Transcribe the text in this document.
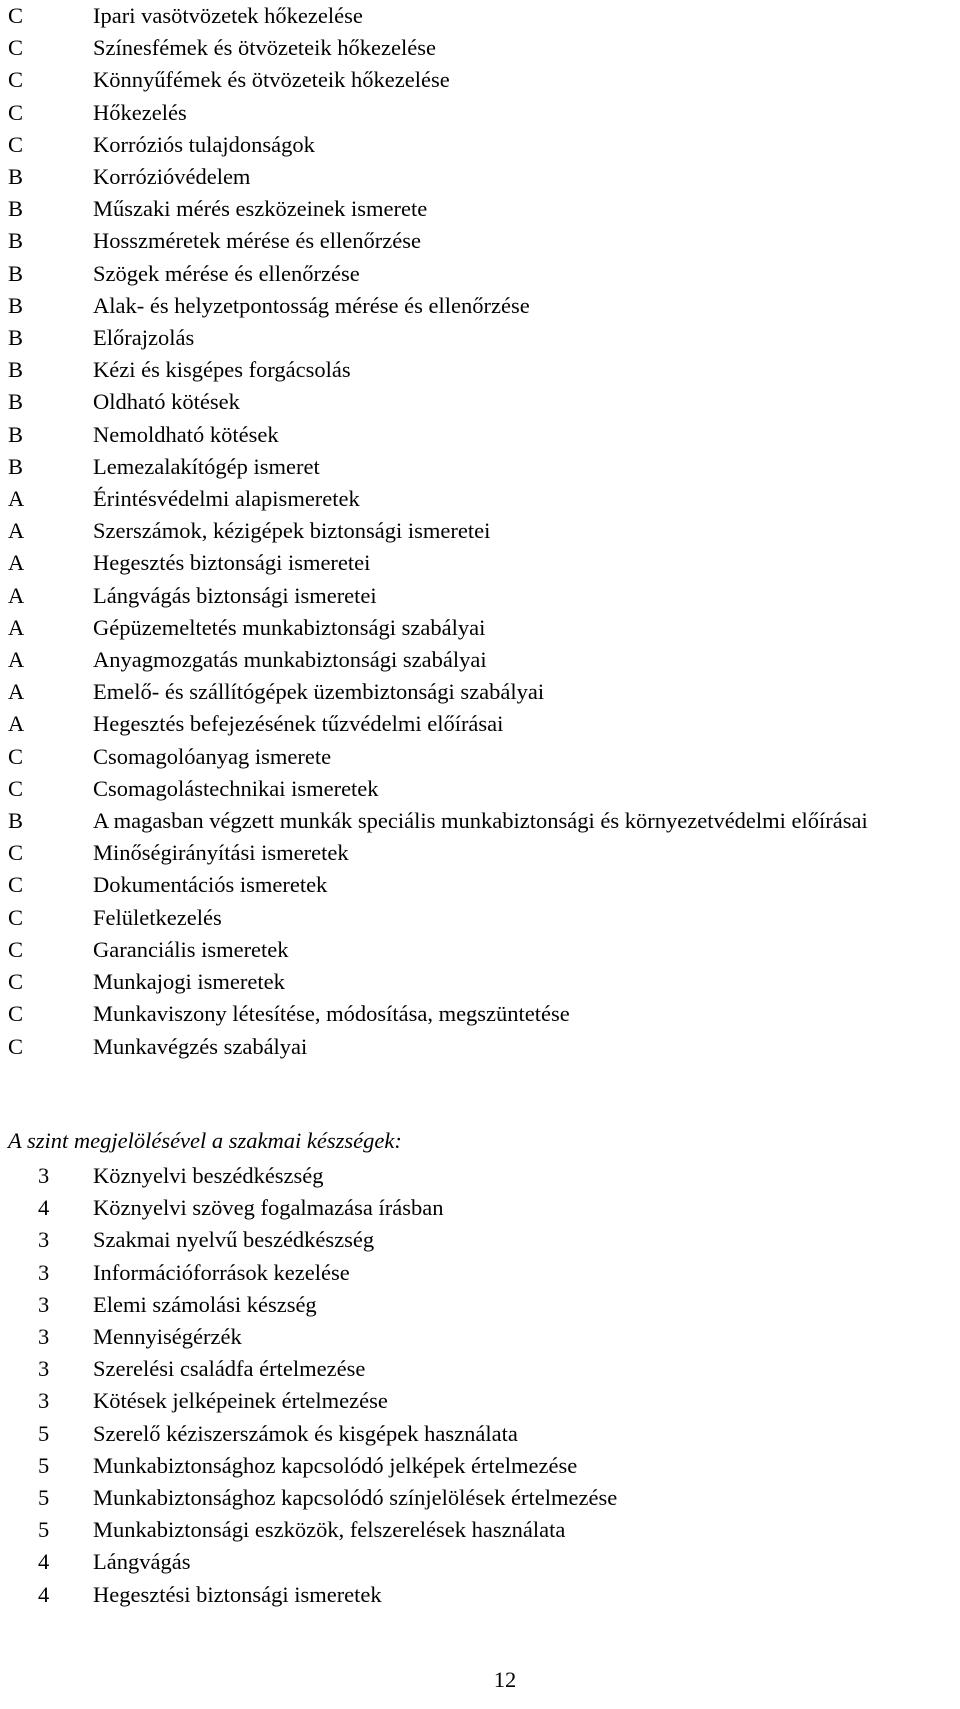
C	Ipari vasötvözetek hőkezelése
C	Színesfémek és ötvözeteik hőkezelése
C	Könnyűfémek és ötvözeteik hőkezelése
C	Hőkezelés
C	Korróziós tulajdonságok
B	Korrózióvédelem
B	Műszaki mérés eszközeinek ismerete
B	Hosszméretek mérése és ellenőrzése
B	Szögek mérése és ellenőrzése
B	Alak- és helyzetpontosság mérése és ellenőrzése
B	Előrajzolás
B	Kézi és kisgépes forgácsolás
B	Oldható kötések
B	Nemoldható kötések
B	Lemezalakítógép ismeret
A	Érintésvédelmi alapismeretek
A	Szerszámok, kézigépek biztonsági ismeretei
A	Hegesztés biztonsági ismeretei
A	Lángvágás biztonsági ismeretei
A	Gépüzemeltetés munkabiztonsági szabályai
A	Anyagmozgatás munkabiztonsági szabályai
A	Emelő- és szállítógépek üzembiztonsági szabályai
A	Hegesztés befejezésének tűzvédelmi előírásai
C	Csomagolóanyag ismerete
C	Csomagolástechnikai ismeretek
B	A magasban végzett munkák speciális munkabiztonsági és környezetvédelmi előírásai
C	Minőségirányítási ismeretek
C	Dokumentációs ismeretek
C	Felületkezelés
C	Garanciális ismeretek
C	Munkajogi ismeretek
C	Munkaviszony létesítése, módosítása, megszüntetése
C	Munkavégzés szabályai
A szint megjelölésével a szakmai készségek:
3	Köznyelvi beszédkészség
4	Köznyelvi szöveg fogalmazása írásban
3	Szakmai nyelvű beszédkészség
3	Információforrások kezelése
3	Elemi számolási készség
3	Mennyiségérzék
3	Szerelési családfa értelmezése
3	Kötések jelképeinek értelmezése
5	Szerelő kéziszerszámok és kisgépek használata
5	Munkabiztonsághoz kapcsolódó jelképek értelmezése
5	Munkabiztonsághoz kapcsolódó színjelölések értelmezése
5	Munkabiztonsági eszközök, felszerelések használata
4	Lángvágás
4	Hegesztési biztonsági ismeretek
12
